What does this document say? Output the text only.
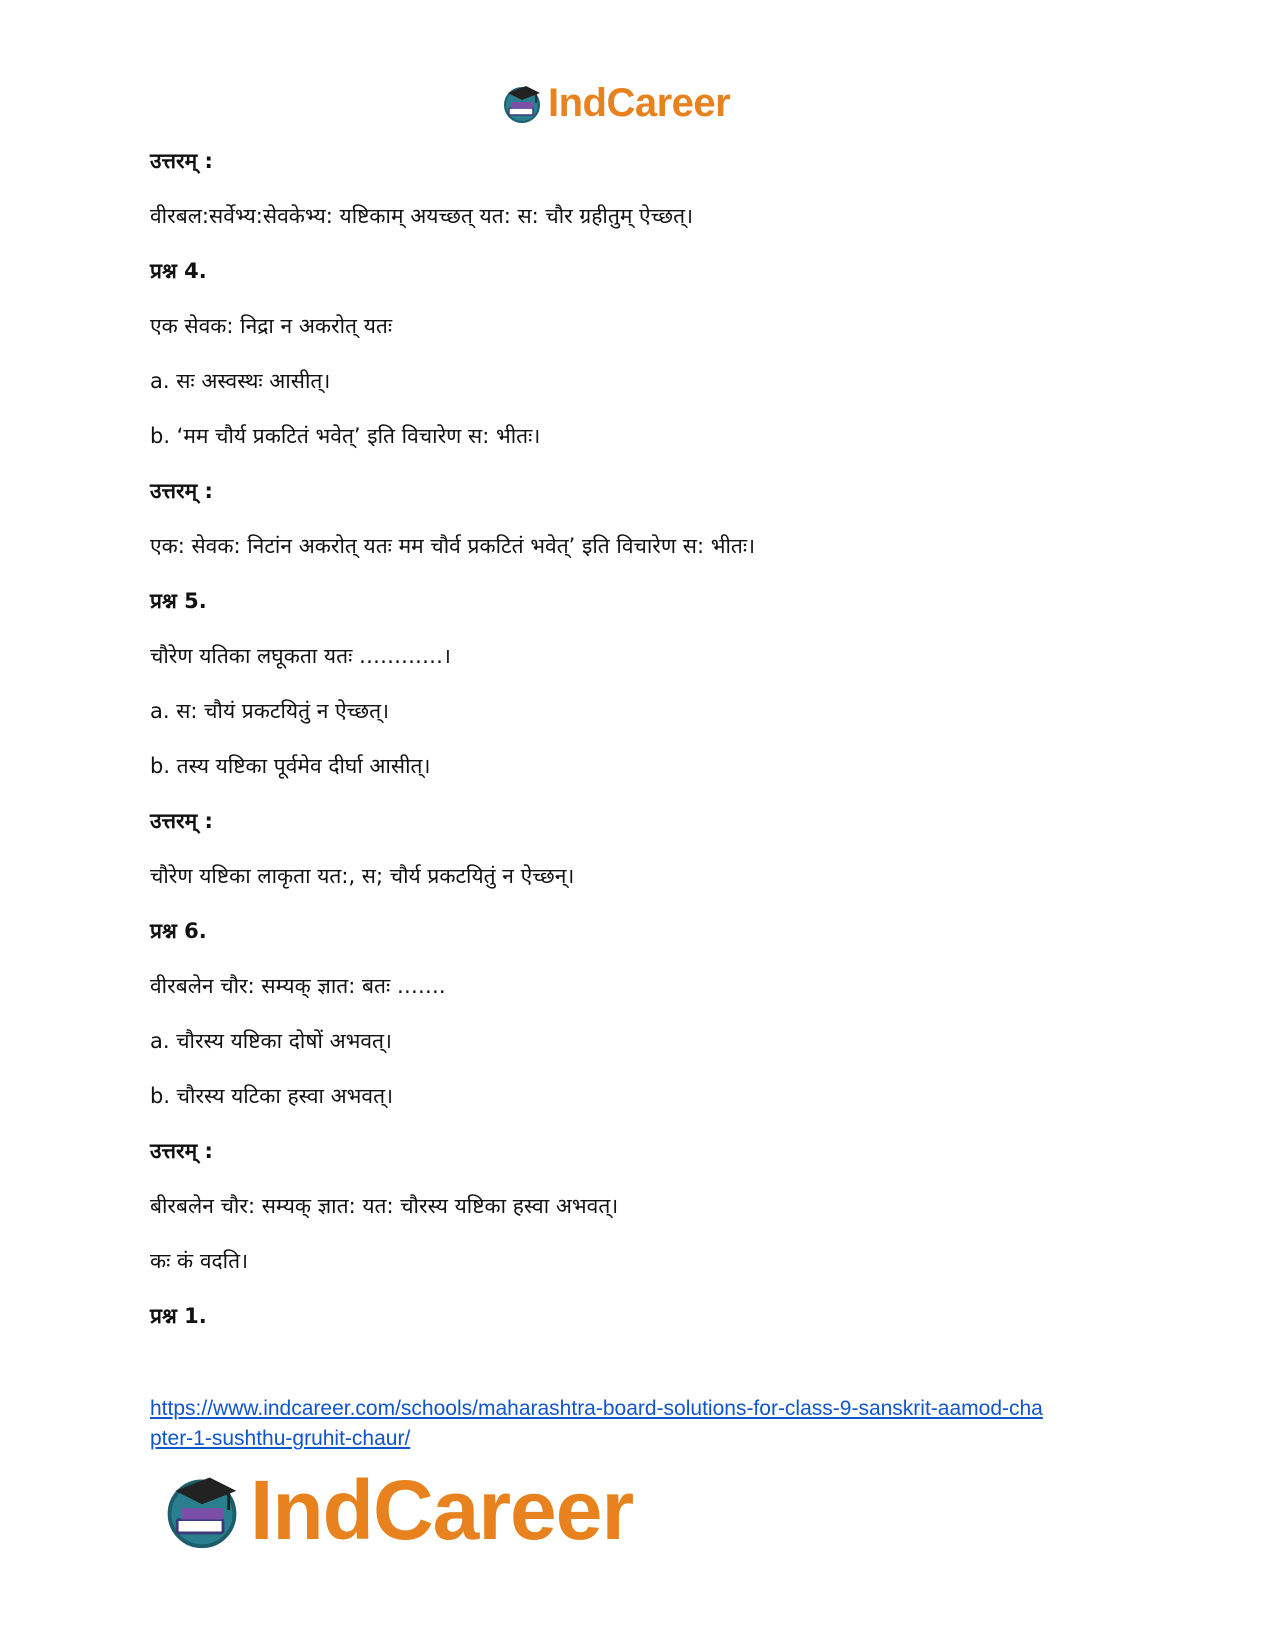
IndCareer
उत्तरम् :
वीरबल:सर्वेभ्य:सेवकेभ्य: यष्टिकाम् अयच्छत् यत: स: चौर ग्रहीतुम् ऐच्छत्।
प्रश्न 4.
एक सेवक: निद्रा न अकरोत् यतः
a. सः अस्वस्थः आसीत्।
b. ‘मम चौर्य प्रकटितं भवेत्’ इति विचारेण स: भीतः।
उत्तरम् :
एक: सेवक: निटांन अकरोत् यतः मम चौर्व प्रकटितं भवेत्’ इति विचारेण स: भीतः।
प्रश्न 5.
चौरेण यतिका लघूकता यतः …………।
a. स: चौयं प्रकटयितुं न ऐच्छत्।
b. तस्य यष्टिका पूर्वमेव दीर्घा आसीत्।
उत्तरम् :
चौरेण यष्टिका लाकृता यत:, स; चौर्य प्रकटयितुं न ऐच्छन्।
प्रश्न 6.
वीरबलेन चौर: सम्यक् ज्ञात: बतः …….
a. चौरस्य यष्टिका दोषों अभवत्।
b. चौरस्य यटिका हस्वा अभवत्।
उत्तरम् :
बीरबलेन चौर: सम्यक् ज्ञात: यत: चौरस्य यष्टिका हस्वा अभवत्।
कः कं वदति।
प्रश्न 1.
https://www.indcareer.com/schools/maharashtra-board-solutions-for-class-9-sanskrit-aamod-cha
pter-1-sushthu-gruhit-chaur/
IndCareer
